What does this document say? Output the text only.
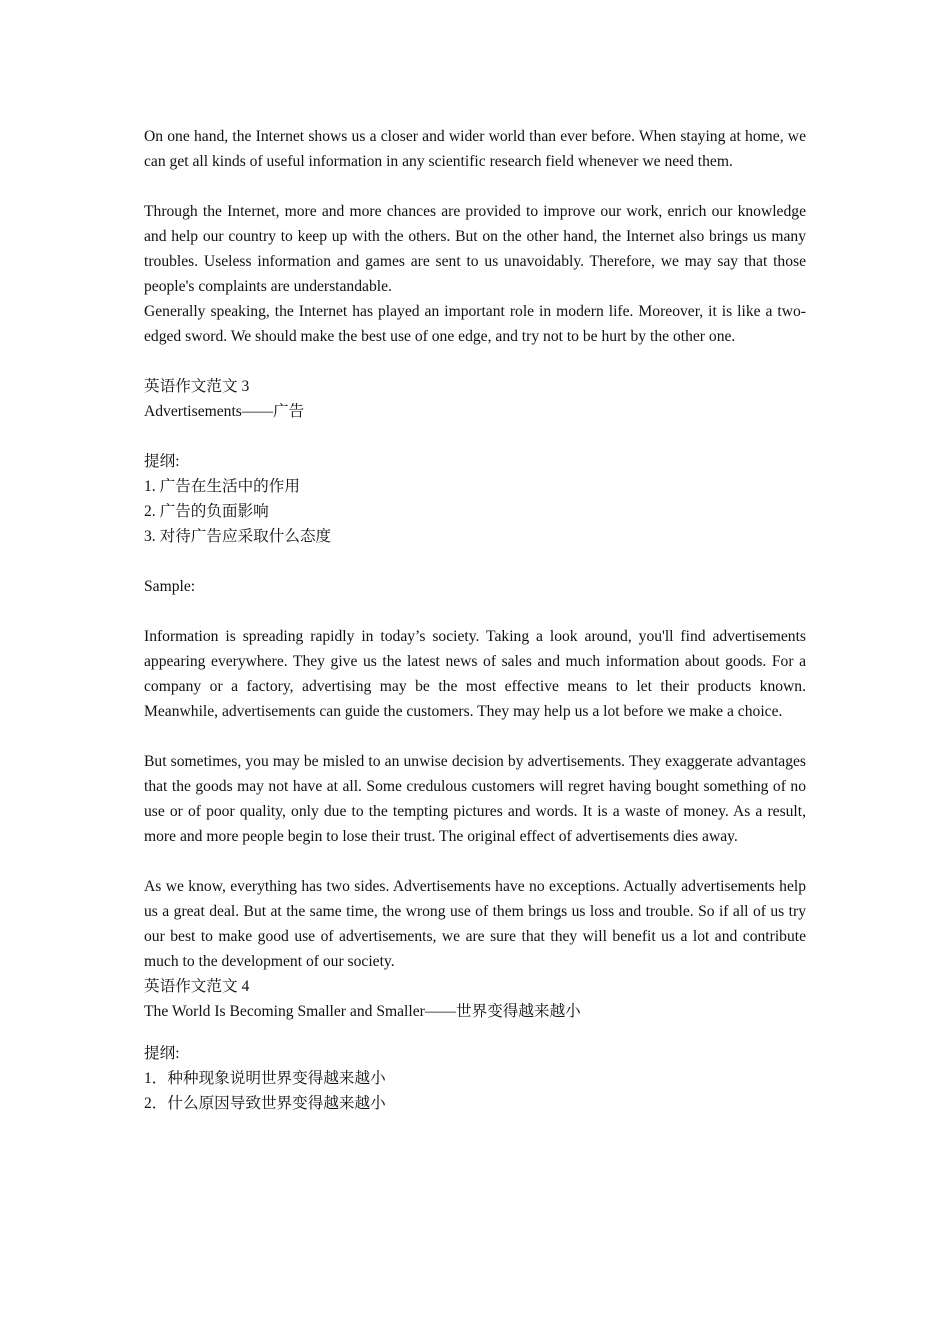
On one hand, the Internet shows us a closer and wider world than ever before. When staying at home, we can get all kinds of useful information in any scientific research field whenever we need them.

Through the Internet, more and more chances are provided to improve our work, enrich our knowledge and help our country to keep up with the others. But on the other hand, the Internet also brings us many troubles. Useless information and games are sent to us unavoidably. Therefore, we may say that those people's complaints are understandable.

Generally speaking, the Internet has played an important role in modern life. Moreover, it is like a two-edged sword. We should make the best use of one edge, and try not to be hurt by the other one.

英语作文范文 3

Advertisements——广告

提纲:

1. 广告在生活中的作用

2. 广告的负面影响

3. 对待广告应采取什么态度

Sample:

Information is spreading rapidly in today’s society. Taking a look around, you'll find advertisements appearing everywhere. They give us the latest news of sales and much information about goods. For a company or a factory, advertising may be the most effective means to let their products known. Meanwhile, advertisements can guide the customers. They may help us a lot before we make a choice.

But sometimes, you may be misled to an unwise decision by advertisements. They exaggerate advantages that the goods may not have at all. Some credulous customers will regret having bought something of no use or of poor quality, only due to the tempting pictures and words. It is a waste of money. As a result, more and more people begin to lose their trust. The original effect of advertisements dies away.

As we know, everything has two sides. Advertisements have no exceptions. Actually advertisements help us a great deal. But at the same time, the wrong use of them brings us loss and trouble. So if all of us try our best to make good use of advertisements, we are sure that they will benefit us a lot and contribute much to the development of our society.

英语作文范文 4

The World Is Becoming Smaller and Smaller——世界变得越来越小

提纲:

1．种种现象说明世界变得越来越小

2．什么原因导致世界变得越来越小
